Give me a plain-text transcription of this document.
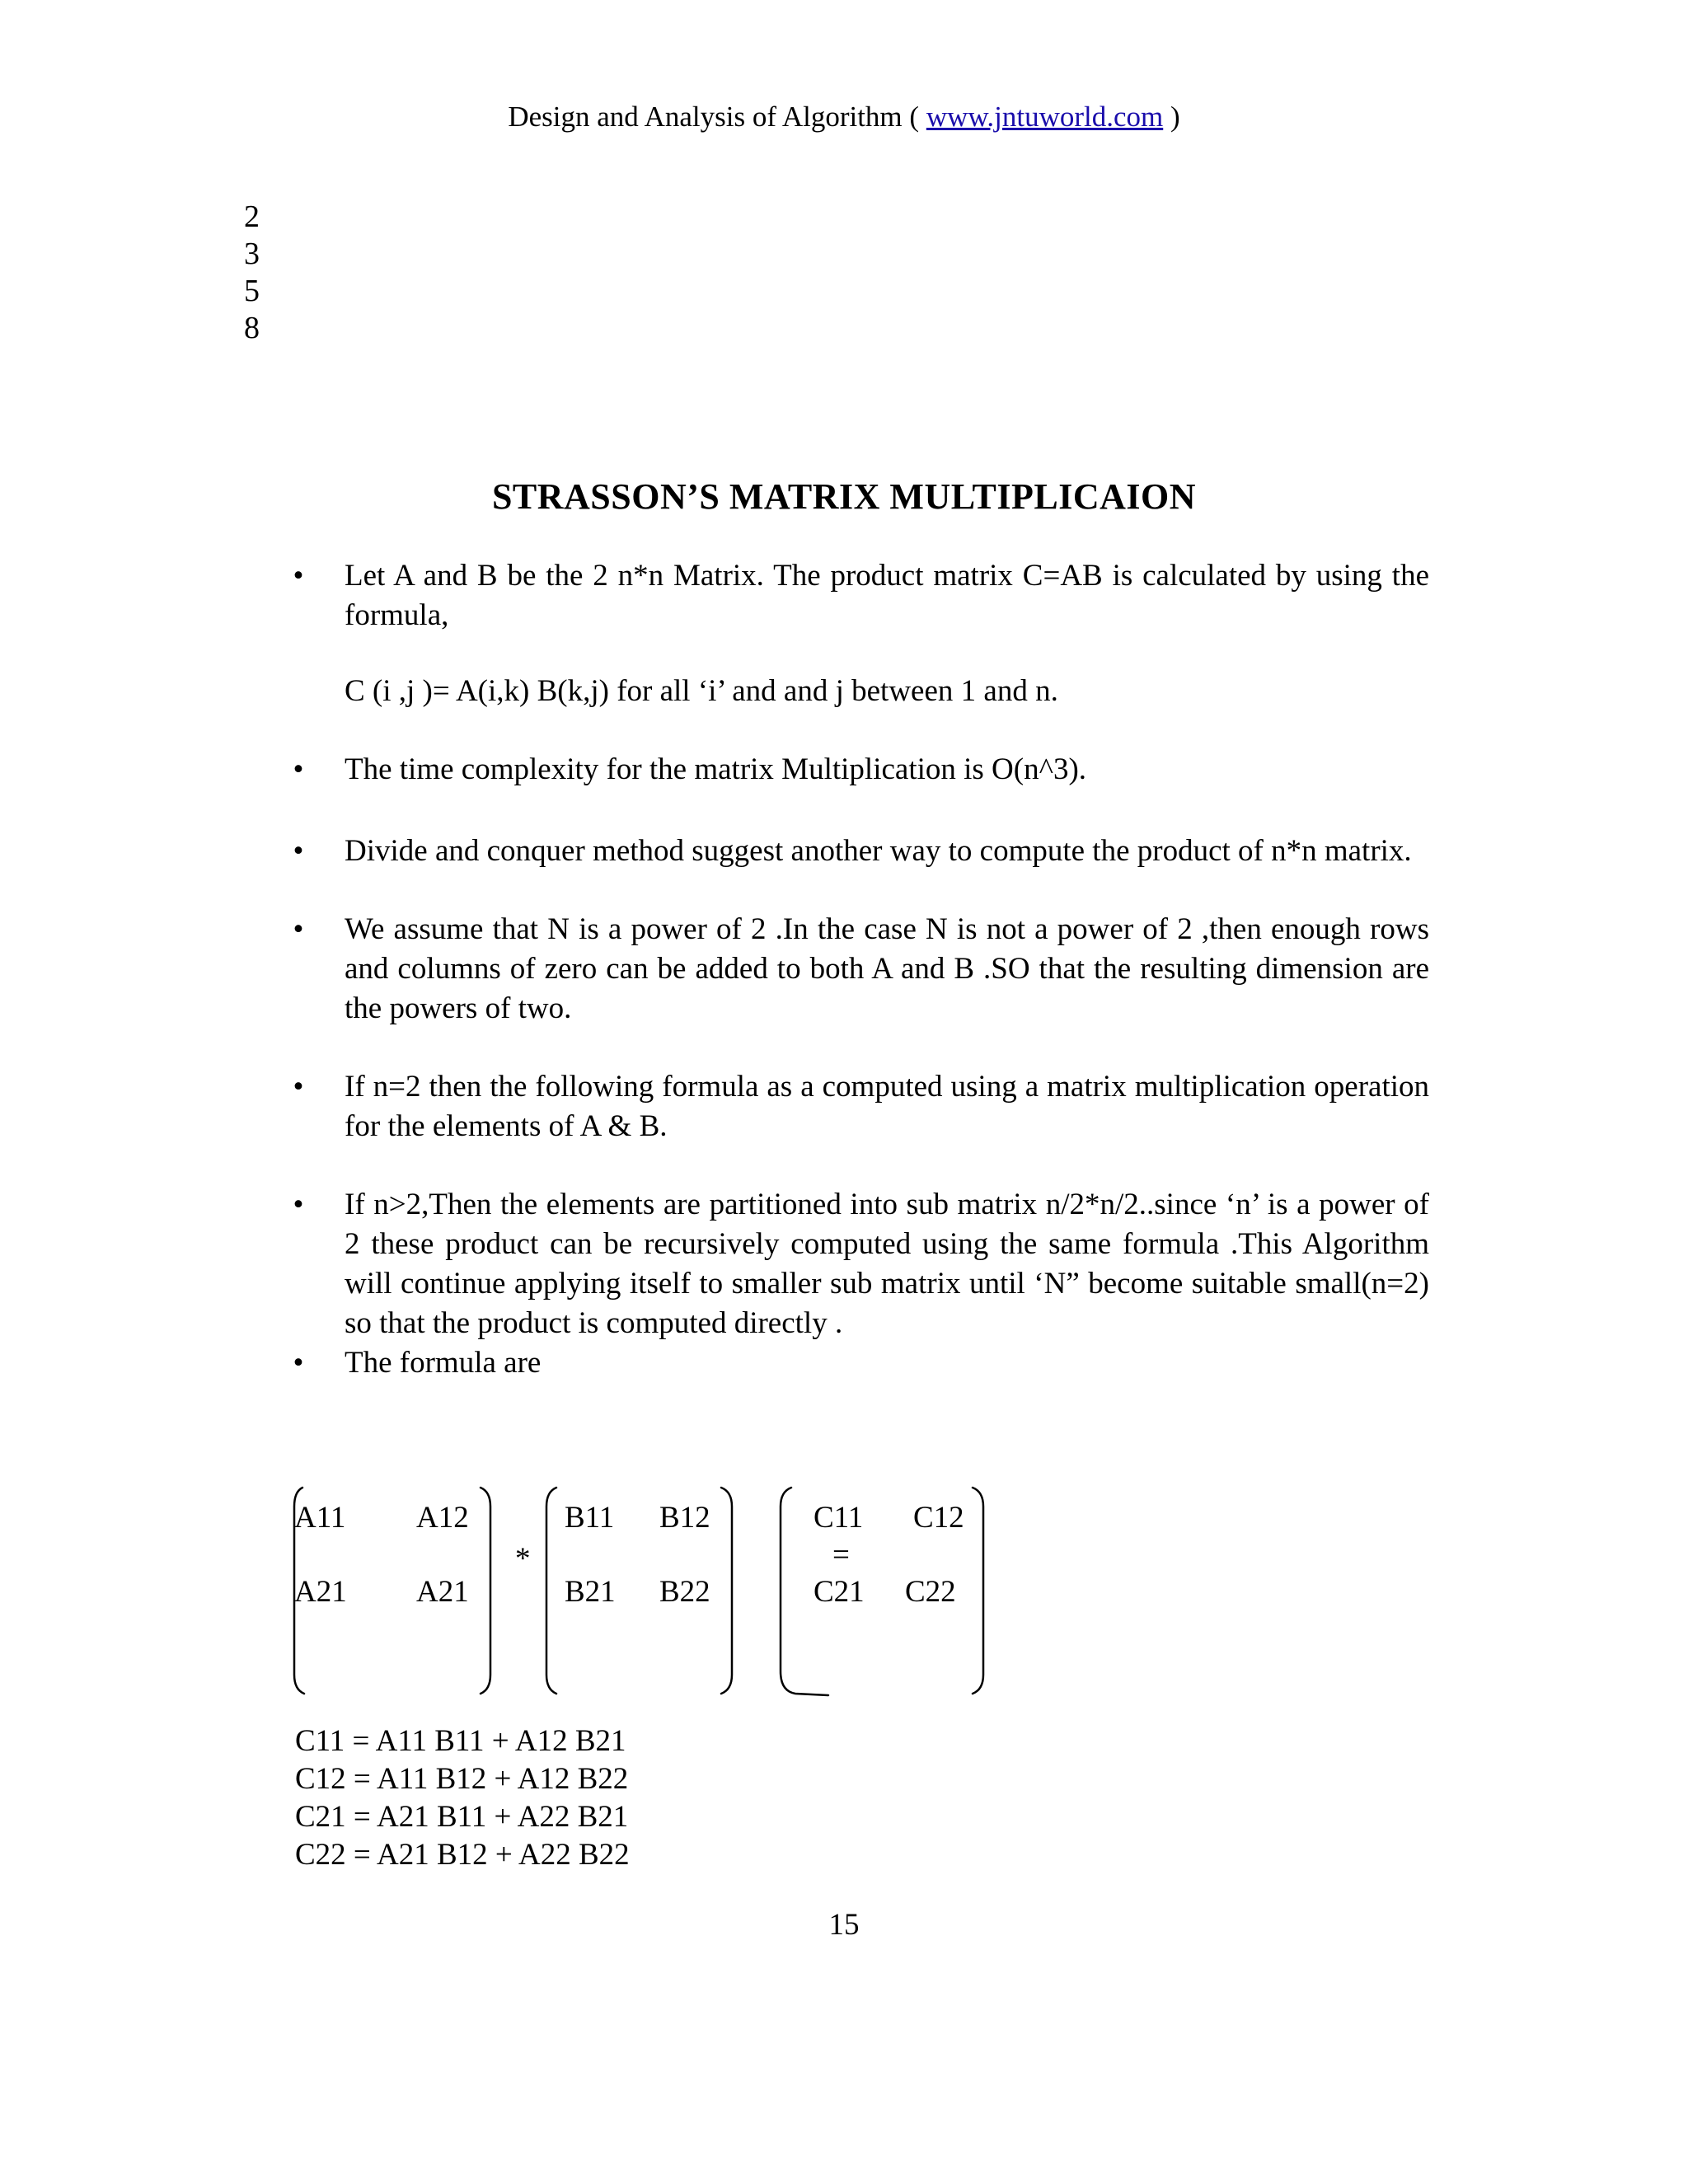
Design and Analysis of Algorithm ( www.jntuworld.com )
2
3
5
8
STRASSON’S MATRIX MULTIPLICAION
• Let A and B be the 2 n*n Matrix. The product matrix C=AB is calculated by using the formula,
C (i ,j )= A(i,k) B(k,j) for all ‘i’ and and j between 1 and n.
• The time complexity for the matrix Multiplication is O(n^3).
• Divide and conquer method suggest another way to compute the product of n*n matrix.
• We assume that N is a power of 2 .In the case N is not a power of 2 ,then enough rows and columns of zero can be added to both A and B .SO that the resulting dimension are the powers of two.
• If n=2 then the following formula as a computed using a matrix multiplication operation for the elements of A & B.
• If n>2,Then the elements are partitioned into sub matrix n/2*n/2..since ‘n’ is a power of 2 these product can be recursively computed using the same formula .This Algorithm will continue applying itself to smaller sub matrix until ‘N” become suitable small(n=2) so that the product is computed directly .
• The formula are
A11 A12
A21 A21
*
B11 B12
B21 B22
C11 C12
=
C21 C22
C11 = A11 B11 + A12 B21
C12 = A11 B12 + A12 B22
C21 = A21 B11 + A22 B21
C22 = A21 B12 + A22 B22
15
